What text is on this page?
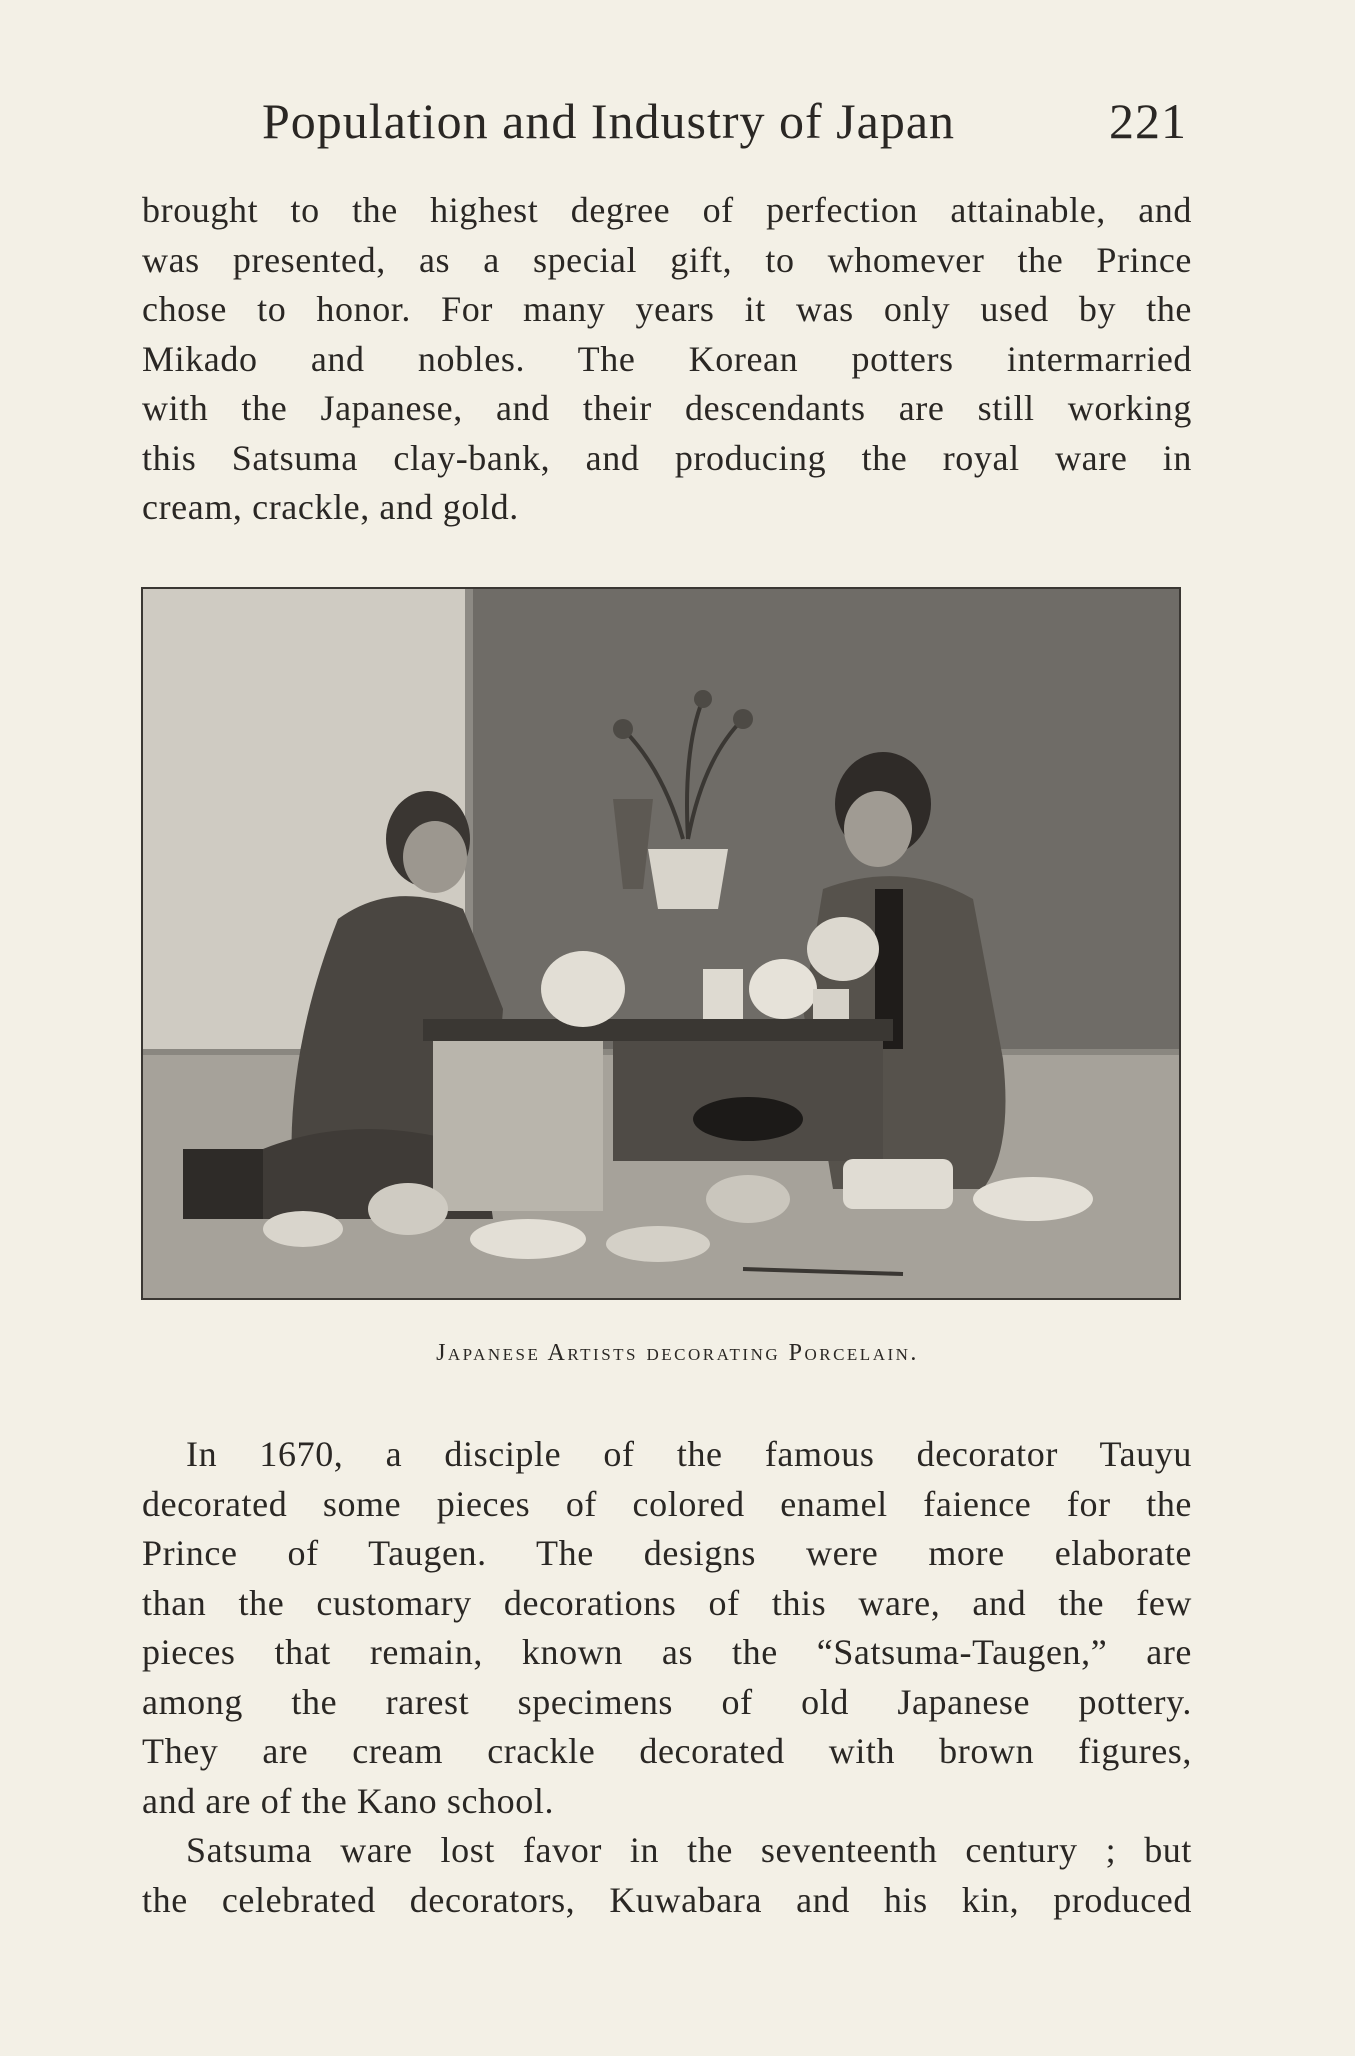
Population and Industry of Japan	221
brought to the highest degree of perfection attainable, and
was presented, as a special gift, to whomever the Prince
chose to honor. For many years it was only used by the
Mikado and nobles. The Korean potters intermarried
with the Japanese, and their descendants are still working
this Satsuma clay-bank, and producing the royal ware in
cream, crackle, and gold.
Japanese Artists decorating Porcelain.
In 1670, a disciple of the famous decorator Tauyu
decorated some pieces of colored enamel faience for the
Prince of Taugen. The designs were more elaborate
than the customary decorations of this ware, and the few
pieces that remain, known as the “Satsuma-Taugen,” are
among the rarest specimens of old Japanese pottery.
They are cream crackle decorated with brown figures,
and are of the Kano school.
Satsuma ware lost favor in the seventeenth century ; but
the celebrated decorators, Kuwabara and his kin, produced
